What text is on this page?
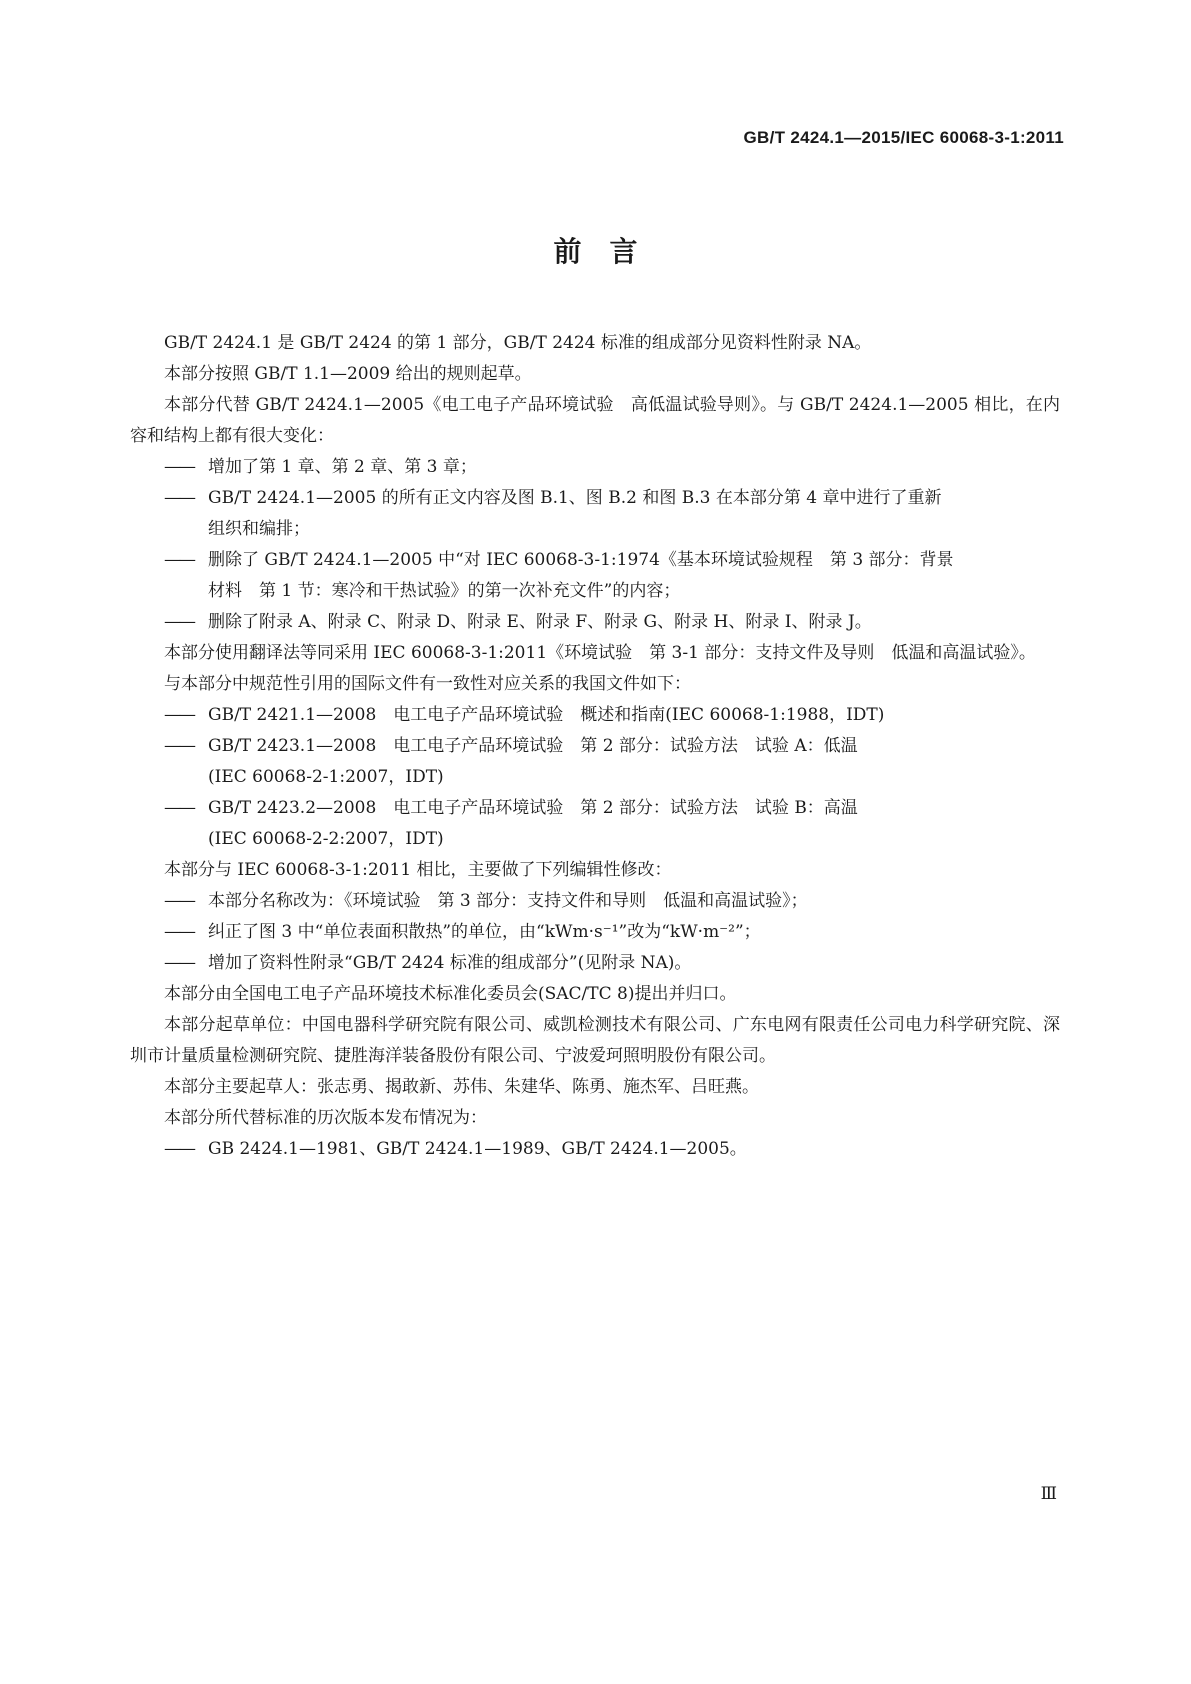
GB/T 2424.1—2015/IEC 60068-3-1:2011
前言

GB/T 2424.1 是 GB/T 2424 的第 1 部分，GB/T 2424 标准的组成部分见资料性附录 NA。

本部分按照 GB/T 1.1—2009 给出的规则起草。

本部分代替 GB/T 2424.1—2005《电工电子产品环境试验　高低温试验导则》。与 GB/T 2424.1—2005 相比，在内容和结构上都有很大变化：

—— 增加了第 1 章、第 2 章、第 3 章；

—— GB/T 2424.1—2005 的所有正文内容及图 B.1、图 B.2 和图 B.3 在本部分第 4 章中进行了重新
组织和编排；

—— 删除了 GB/T 2424.1—2005 中“对 IEC 60068-3-1:1974《基本环境试验规程　第 3 部分：背景
材料　第 1 节：寒冷和干热试验》的第一次补充文件”的内容；

—— 删除了附录 A、附录 C、附录 D、附录 E、附录 F、附录 G、附录 H、附录 I、附录 J。

本部分使用翻译法等同采用 IEC 60068-3-1:2011《环境试验　第 3-1 部分：支持文件及导则　低温和高温试验》。

与本部分中规范性引用的国际文件有一致性对应关系的我国文件如下：

—— GB/T 2421.1—2008　电工电子产品环境试验　概述和指南(IEC 60068-1:1988，IDT)

—— GB/T 2423.1—2008　电工电子产品环境试验　第 2 部分：试验方法　试验 A：低温
(IEC 60068-2-1:2007，IDT)

—— GB/T 2423.2—2008　电工电子产品环境试验　第 2 部分：试验方法　试验 B：高温
(IEC 60068-2-2:2007，IDT)

本部分与 IEC 60068-3-1:2011 相比，主要做了下列编辑性修改：

—— 本部分名称改为：《环境试验　第 3 部分：支持文件和导则　低温和高温试验》；

—— 纠正了图 3 中“单位表面积散热”的单位，由“kWm·s⁻¹”改为“kW·m⁻²”；

—— 增加了资料性附录“GB/T 2424 标准的组成部分”(见附录 NA)。

本部分由全国电工电子产品环境技术标准化委员会(SAC/TC 8)提出并归口。

本部分起草单位：中国电器科学研究院有限公司、威凯检测技术有限公司、广东电网有限责任公司电力科学研究院、深圳市计量质量检测研究院、捷胜海洋装备股份有限公司、宁波爱珂照明股份有限公司。

本部分主要起草人：张志勇、揭敢新、苏伟、朱建华、陈勇、施杰军、吕旺燕。

本部分所代替标准的历次版本发布情况为：

—— GB 2424.1—1981、GB/T 2424.1—1989、GB/T 2424.1—2005。

Ⅲ
